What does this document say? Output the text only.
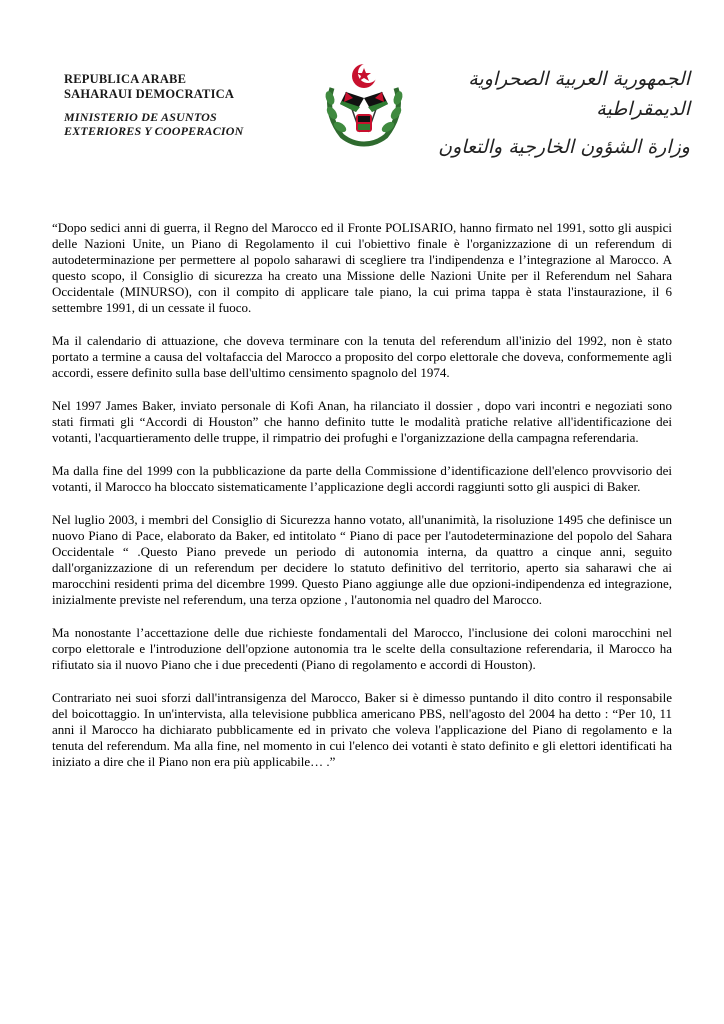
REPUBLICA ARABE
SAHARAUI DEMOCRATICA
MINISTERIO DE ASUNTOS
EXTERIORES Y COOPERACION
الجمهورية العربية الصحراوية الديمقراطية
وزارة الشؤون الخارجية والتعاون

“Dopo sedici anni di guerra, il Regno del Marocco ed il Fronte POLISARIO, hanno firmato nel 1991, sotto gli auspici delle Nazioni Unite, un Piano di Regolamento il cui l'obiettivo finale è l'organizzazione di un referendum di autodeterminazione per permettere al popolo saharawi di scegliere tra l'indipendenza e l’integrazione al Marocco. A questo scopo, il Consiglio di sicurezza ha creato una Missione delle Nazioni Unite per il Referendum nel Sahara Occidentale (MINURSO), con il compito di applicare tale piano, la cui prima tappa è stata l'instaurazione, il 6 settembre 1991, di un cessate il fuoco.

Ma il calendario di attuazione, che doveva terminare con la tenuta del referendum all'inizio del 1992, non è stato portato a termine a causa del voltafaccia del Marocco a proposito del corpo elettorale che doveva, conformemente agli accordi, essere definito sulla base dell'ultimo censimento spagnolo del 1974.

Nel 1997 James Baker, inviato personale di Kofi Anan, ha rilanciato il dossier , dopo vari incontri e negoziati sono stati firmati gli “Accordi di Houston” che hanno definito tutte le modalità pratiche relative all'identificazione dei votanti, l'acquartieramento delle truppe, il rimpatrio dei profughi e l'organizzazione della campagna referendaria.

Ma dalla fine del 1999 con la pubblicazione da parte della Commissione d’identificazione dell'elenco provvisorio dei votanti, il Marocco ha bloccato sistematicamente l’applicazione degli accordi raggiunti sotto gli auspici di Baker.

Nel luglio 2003, i membri del Consiglio di Sicurezza hanno votato, all'unanimità, la risoluzione 1495 che definisce un nuovo Piano di Pace, elaborato da Baker, ed intitolato “ Piano di pace per l'autodeterminazione del popolo del Sahara Occidentale “ .Questo Piano prevede un periodo di autonomia interna, da quattro a cinque anni, seguito dall'organizzazione di un referendum per decidere lo statuto definitivo del territorio, aperto sia saharawi che ai marocchini residenti prima del dicembre 1999. Questo Piano aggiunge alle due opzioni-indipendenza ed integrazione, inizialmente previste nel referendum, una terza opzione , l'autonomia nel quadro del Marocco.

Ma nonostante l’accettazione delle due richieste fondamentali del Marocco, l'inclusione dei coloni marocchini nel corpo elettorale e l'introduzione dell'opzione autonomia tra le scelte della consultazione referendaria, il Marocco ha rifiutato sia il nuovo Piano che i due precedenti (Piano di regolamento e accordi di Houston).

Contrariato nei suoi sforzi dall'intransigenza del Marocco, Baker si è dimesso puntando il dito contro il responsabile del boicottaggio. In un'intervista, alla televisione pubblica americano PBS, nell'agosto del 2004 ha detto : “Per 10, 11 anni il Marocco ha dichiarato pubblicamente ed in privato che voleva l'applicazione del Piano di regolamento e la tenuta del referendum. Ma alla fine, nel momento in cui l'elenco dei votanti è stato definito e gli elettori identificati ha iniziato a dire che il Piano non era più applicabile… .”
